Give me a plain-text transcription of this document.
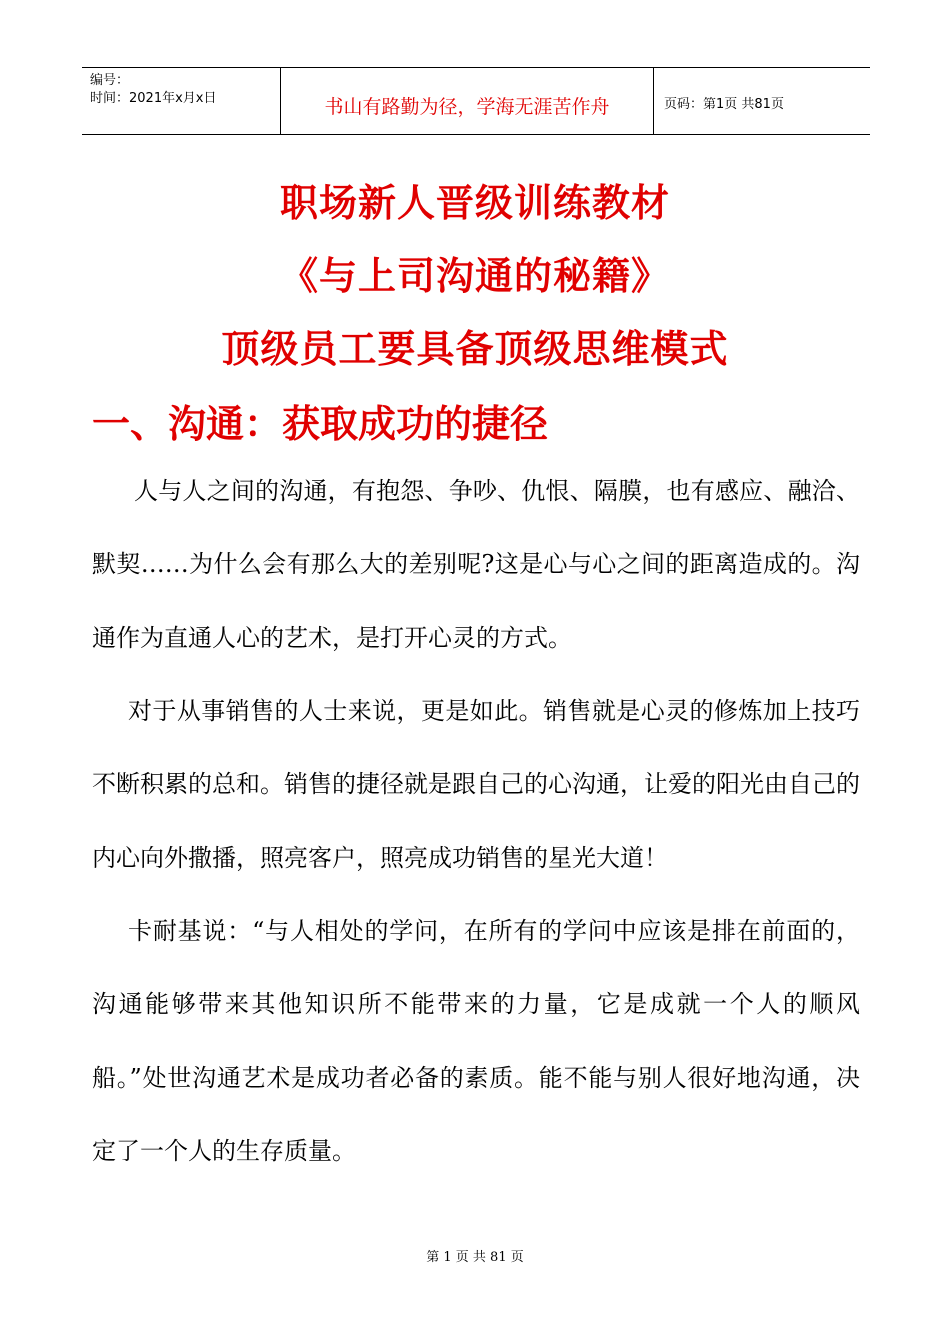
编号：
时间：2021年x月x日	书山有路勤为径，学海无涯苦作舟	页码：第1页 共81页
职场新人晋级训练教材
《与上司沟通的秘籍》
顶级员工要具备顶级思维模式
一、沟通：获取成功的捷径

人与人之间的沟通，有抱怨、争吵、仇恨、隔膜，也有感应、融洽、默契……为什么会有那么大的差别呢?这是心与心之间的距离造成的。沟通作为直通人心的艺术，是打开心灵的方式。

对于从事销售的人士来说，更是如此。销售就是心灵的修炼加上技巧不断积累的总和。销售的捷径就是跟自己的心沟通，让爱的阳光由自己的内心向外撒播，照亮客户，照亮成功销售的星光大道！

卡耐基说：“与人相处的学问，在所有的学问中应该是排在前面的，沟通能够带来其他知识所不能带来的力量，它是成就一个人的顺风船。”处世沟通艺术是成功者必备的素质。能不能与别人很好地沟通，决定了一个人的生存质量。

第 1 页 共 81 页
